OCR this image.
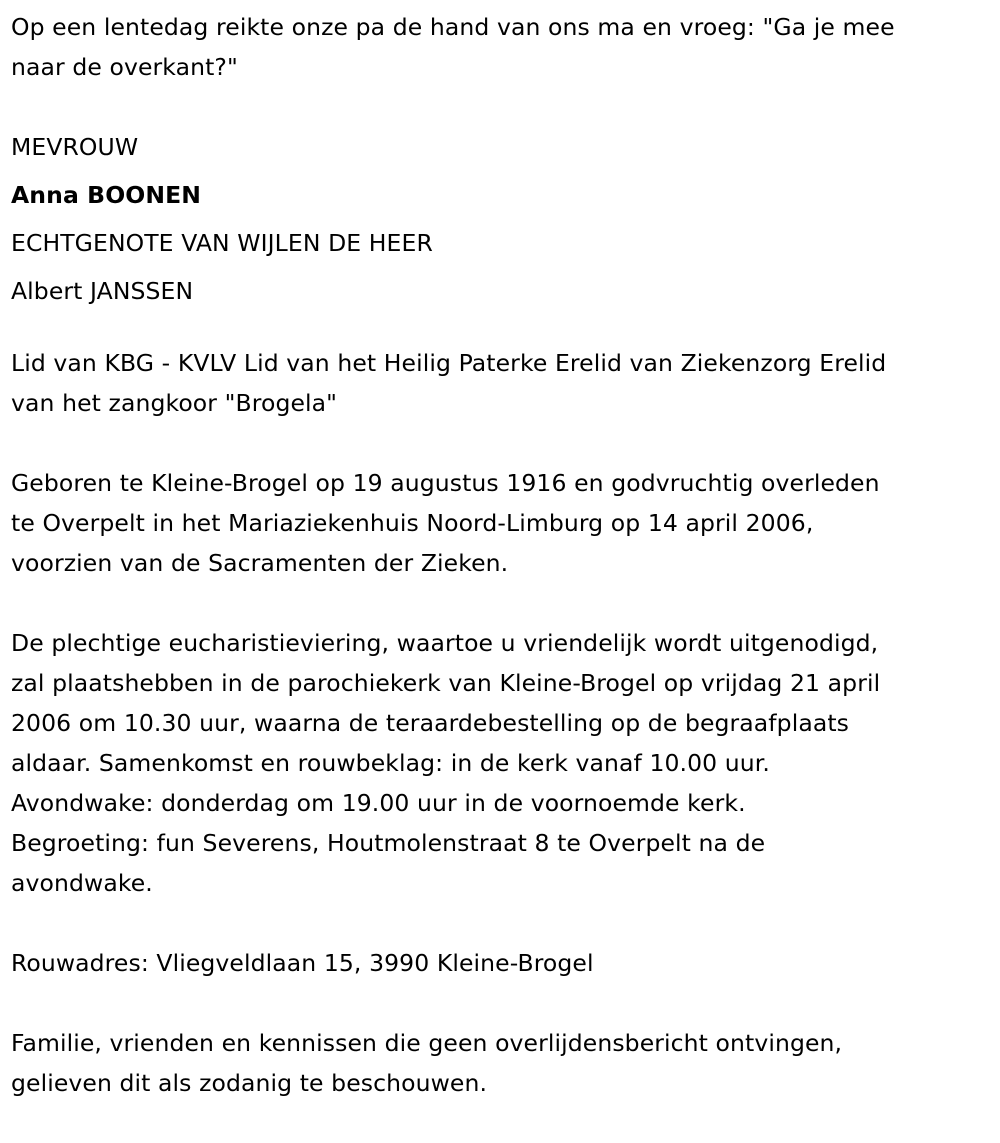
Op een lentedag reikte onze pa de hand van ons ma en vroeg: "Ga je mee
naar de overkant?"
MEVROUW
Anna BOONEN
ECHTGENOTE VAN WIJLEN DE HEER
Albert JANSSEN
Lid van KBG - KVLV Lid van het Heilig Paterke Erelid van Ziekenzorg Erelid
van het zangkoor "Brogela"
Geboren te Kleine-Brogel op 19 augustus 1916 en godvruchtig overleden
te Overpelt in het Mariaziekenhuis Noord-Limburg op 14 april 2006,
voorzien van de Sacramenten der Zieken.
De plechtige eucharistieviering, waartoe u vriendelijk wordt uitgenodigd,
zal plaatshebben in de parochiekerk van Kleine-Brogel op vrijdag 21 april
2006 om 10.30 uur, waarna de teraardebestelling op de begraafplaats
aldaar. Samenkomst en rouwbeklag: in de kerk vanaf 10.00 uur.
Avondwake: donderdag om 19.00 uur in de voornoemde kerk.
Begroeting: fun Severens, Houtmolenstraat 8 te Overpelt na de
avondwake.
Rouwadres: Vliegveldlaan 15, 3990 Kleine-Brogel
Familie, vrienden en kennissen die geen overlijdensbericht ontvingen,
gelieven dit als zodanig te beschouwen.
